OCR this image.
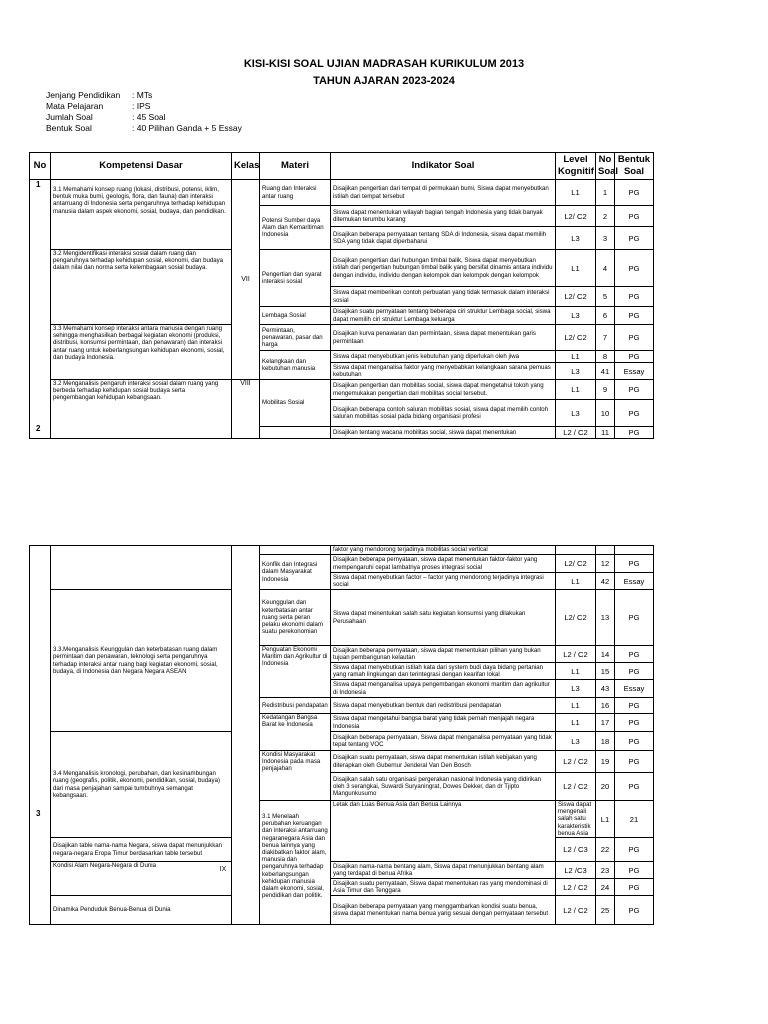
KISI-KISI SOAL UJIAN MADRASAH KURIKULUM 2013
TAHUN AJARAN 2023-2024
Jenjang Pendidikan	: MTs
Mata Pelajaran	: IPS
Jumlah Soal	: 45 Soal
Bentuk Soal	: 40 Pilihan Ganda + 5 Essay
No	Kompetensi Dasar	Kelas	Materi	Indikator Soal	Level
Kognitif	No
Soal	Bentuk
Soal
1	3.1 Memahami konsep ruang (lokasi, distribusi, potensi, iklim, bentuk muka bumi, geologis, flora, dan fauna) dan interaksi antarruang di Indonesia serta pengaruhnya terhadap kehidupan manusia dalam aspek ekonomi, sosial, budaya, dan pendidikan.	VII	Ruang dan Interaksi antar ruang	Disajikan pengertian dari tempat di permukaan bumi, Siswa dapat menyebutkan istilah dari tempat tersebut	L1	1	PG
			Potensi Sumber daya Alam dan Kemaritiman Indonesia	Siswa dapat menentukan wilayah bagian tengah Indonesia yang tidak banyak ditemukan terumbu karang	L2/ C2	2	PG
				Disajikan beberapa pernyataan tentang SDA di Indonesia, siswa dapat memilih SDA yang tidak dapat diperbaharui	L3	3	PG
	3.2 Mengidentifikasi interaksi sosial dalam ruang dan pengaruhnya terhadap kehidupan sosial, ekonomi, dan budaya dalam nilai dan norma serta kelembagaan sosial budaya.		Pengertian dan syarat interaksi sosial	Disajikan pengertian dari hubungan timbal balik, Siswa dapat menyebutkan istilah dari pengertian hubungan timbal balik yang bersifat dinamis antara individu dengan individu, individu dengan kelompok dan kelompok dengan kelompok	L1	4	PG
				Siswa dapat memberikan contoh perbuatan yang tidak termasuk dalam interaksi sosial	L2/ C2	5	PG
			Lembaga Sosial	Disajikan suatu pernyataan tentang beberapa ciri struktur Lembaga social, siswa dapat memilih ciri struktur Lembaga keluarga	L3	6	PG
	3.3 Memahami konsep interaksi antara manusia dengan ruang sehingga menghasilkan berbagai kegiatan ekonomi (produksi, distribusi, konsumsi permintaan, dan penawaran) dan interaksi antar ruang untuk keberlangsungan kehidupan ekonomi, sosial, dan budaya Indonesia.		Permintaan, penawaran, pasar dan harga	Disajikan kurva penawaran dan permintaan, siswa dapat menentukan garis permintaan	L2/ C2	7	PG
			Kelangkaan dan kebutuhan manusia	Siswa dapat menyebutkan jenis kebutuhan yang diperlukan oleh jiwa	L1	8	PG
				Siswa dapat menganalisa faktor yang menyebabkan kelangkaan sarana pemuas kebutuhan	L3	41	Essay
	3.2 Menganalisis pengaruh interaksi sosial dalam ruang yang berbeda terhadap kehidupan sosial budaya serta pengembangan kehidupan kebangsaan.	VIII	Mobilitas Sosial	Disajikan pengertian dan mobilitas social, siswa dapat mengetahui tokoh yang mengemukakan pengertian dari mobilitas social tersebut.	L1	9	PG
				Disajikan beberapa contoh saluran mobilitas sosial, siswa dapat memilih contoh saluran mobilitas sosial pada bidang organisasi profesi	L3	10	PG
				Disajikan tentang wacana mobilitas social, siswa dapat menentukan	L2 / C2	11	PG
2
				faktor yang mendorong terjadinya mobilitas social vertical				
			Konflik dan Integrasi dalam Masyarakat Indonesia	Disajikan beberapa pernyataan, siswa dapat menentukan faktor-faktor yang mempengaruhi cepat lambatnya proses integrasi social	L2/ C2	12	PG	
				Siswa dapat menyebutkan factor – factor yang mendorong terjadinya integrasi social	L1	42	Essay	
	3.3.Menganalisis Keunggulan dan keterbatasan ruang dalam permintaan dan penawaran, teknologi serta pengaruhnya terhadap interaksi antar ruang bagi kegiatan ekonomi, sosial, budaya, di Indonesia dan Negara Negara ASEAN		Keunggulan dan keterbatasan antar ruang serta peran pelaku ekonomi dalam suatu perekonomian	Siswa dapat menentukan salah satu kegiatan konsumsi yang dilakukan Perusahaan	L2/ C2	13	PG	
			Penguatan Ekonomi Maritim dan Agrikultur di Indonesia	Disajikan beberapa pernyataan, siswa dapat menentukan pilihan yang bukan tujuan pembangunan kelautan	L2 / C2	14	PG	
				Siswa dapat menyebutkan istilah kata dari system budi daya bidang pertanian yang ramah lingkungan dan terintegrasi dengan kearifan lokal	L1	15	PG	
				Siswa dapat menganalisa upaya pengembangan ekonomi maritim dan agrikultur di Indonesia	L3	43	Essay	
			Redistribusi pendapatan	Siswa dapat menyebutkan bentuk dari redistribusi pendapatan	L1	16	PG	
			Kedatangan Bangsa Barat ke Indonesia	Siswa dapat mengetahui bangsa barat yang tidak pernah menjajah negara Indonesia	L1	17	PG	
	3.4 Menganalisis kronologi, perubahan, dan kesinambungan ruang (geografis, politik, ekonomi, pendidikan, sosial, budaya) dari masa penjajahan sampai tumbuhnya semangat kebangsaan.			Disajikan beberapa pernyataan, Siswa dapat menganalisa pernyataan yang tidak tepat tentang VOC	L3	18	PG	
			Kondisi Masyarakat Indonesia pada masa penjajahan	Disajikan suatu pernyataan, siswa dapat menentukan istilah kebijakan yang diterapkan oleh Gubernur Jenderal Van Den Bosch	L2 / C2	19	PG	
				Disajikan salah satu organisasi pergerakan nasional Indonesia yang didirikan oleh 3 serangkai, Suwardi Suryaningrat, Dowes Dekker, dan dr Tjipto Mangunkusumo	L2 / C2	20	PG	
			3.1 Menelaah perubahan keruangan dan interaksi antarruang negaranegara Asia dan benua lainnya yang diakibatkan faktor alam, manusia dan pengaruhnya terhadap keberlangsungan kehidupan manusia dalam ekonomi, sosial, pendidikan dan politik.	Letak dan Luas Benua Asia dan Benua Lainnya	Siswa dapat mengenali salah satu karakteristik benua Asia	L1	21	
	Disajikan table nama-nama Negara, siswa dapat menunjukkan negara-negara Eropa Timur berdasarkan table tersebut				L2 / C3	22	PG	
	Kondisi Alam Negara-Negara di Dunia			Disajikan nama-nama bentang alam, Siswa dapat menunjukkan bentang alam yang terdapat di benua Afrika	L2 /C3	23	PG	
				Disajikan suatu pernyataan, Siswa dapat menentukan ras yang mendominasi di Asia Timur dan Tenggara	L2 / C2	24	PG	
	Dinamika Penduduk Benua-Benua di Dunia			Disajikan beberapa pernyataan yang menggambarkan kondisi suatu benua, siswa dapat menentukan nama benua yang sesuai dengan pernyataan tersebut	L2 / C2	25	PG	
3
IX
